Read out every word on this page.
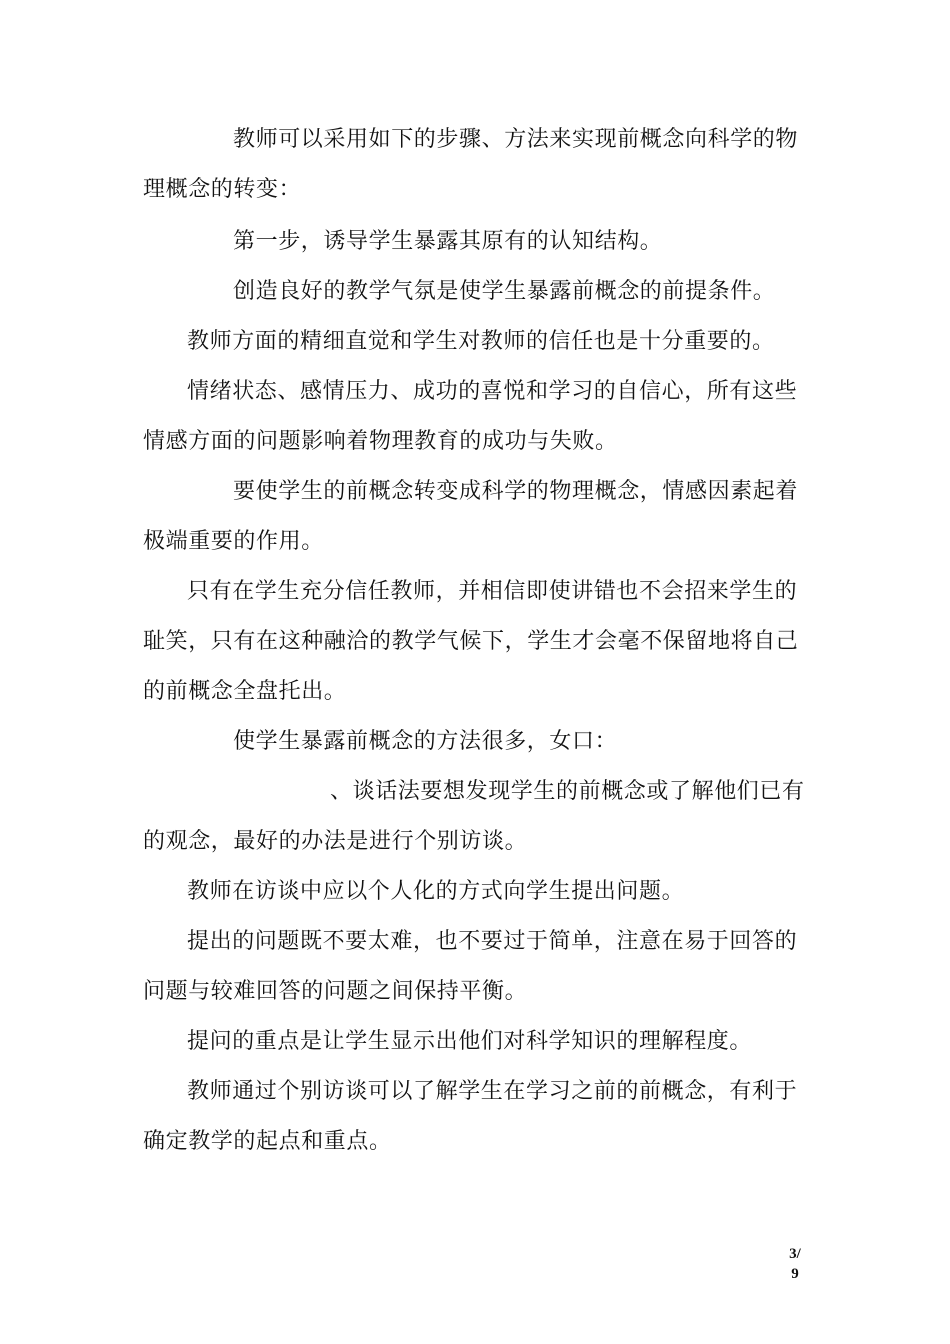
教师可以采用如下的步骤、方法来实现前概念向科学的物
理概念的转变：
第一步，诱导学生暴露其原有的认知结构。
创造良好的教学气氛是使学生暴露前概念的前提条件。
教师方面的精细直觉和学生对教师的信任也是十分重要的。
情绪状态、感情压力、成功的喜悦和学习的自信心，所有这些
情感方面的问题影响着物理教育的成功与失败。
要使学生的前概念转变成科学的物理概念，情感因素起着
极端重要的作用。
只有在学生充分信任教师，并相信即使讲错也不会招来学生的
耻笑，只有在这种融洽的教学气候下，学生才会毫不保留地将自己
的前概念全盘托出。
使学生暴露前概念的方法很多，女口：
、谈话法要想发现学生的前概念或了解他们已有
的观念，最好的办法是进行个别访谈。
教师在访谈中应以个人化的方式向学生提出问题。
提出的问题既不要太难，也不要过于简单，注意在易于回答的
问题与较难回答的问题之间保持平衡。
提问的重点是让学生显示出他们对科学知识的理解程度。
教师通过个别访谈可以了解学生在学习之前的前概念，有利于
确定教学的起点和重点。
3/
9
